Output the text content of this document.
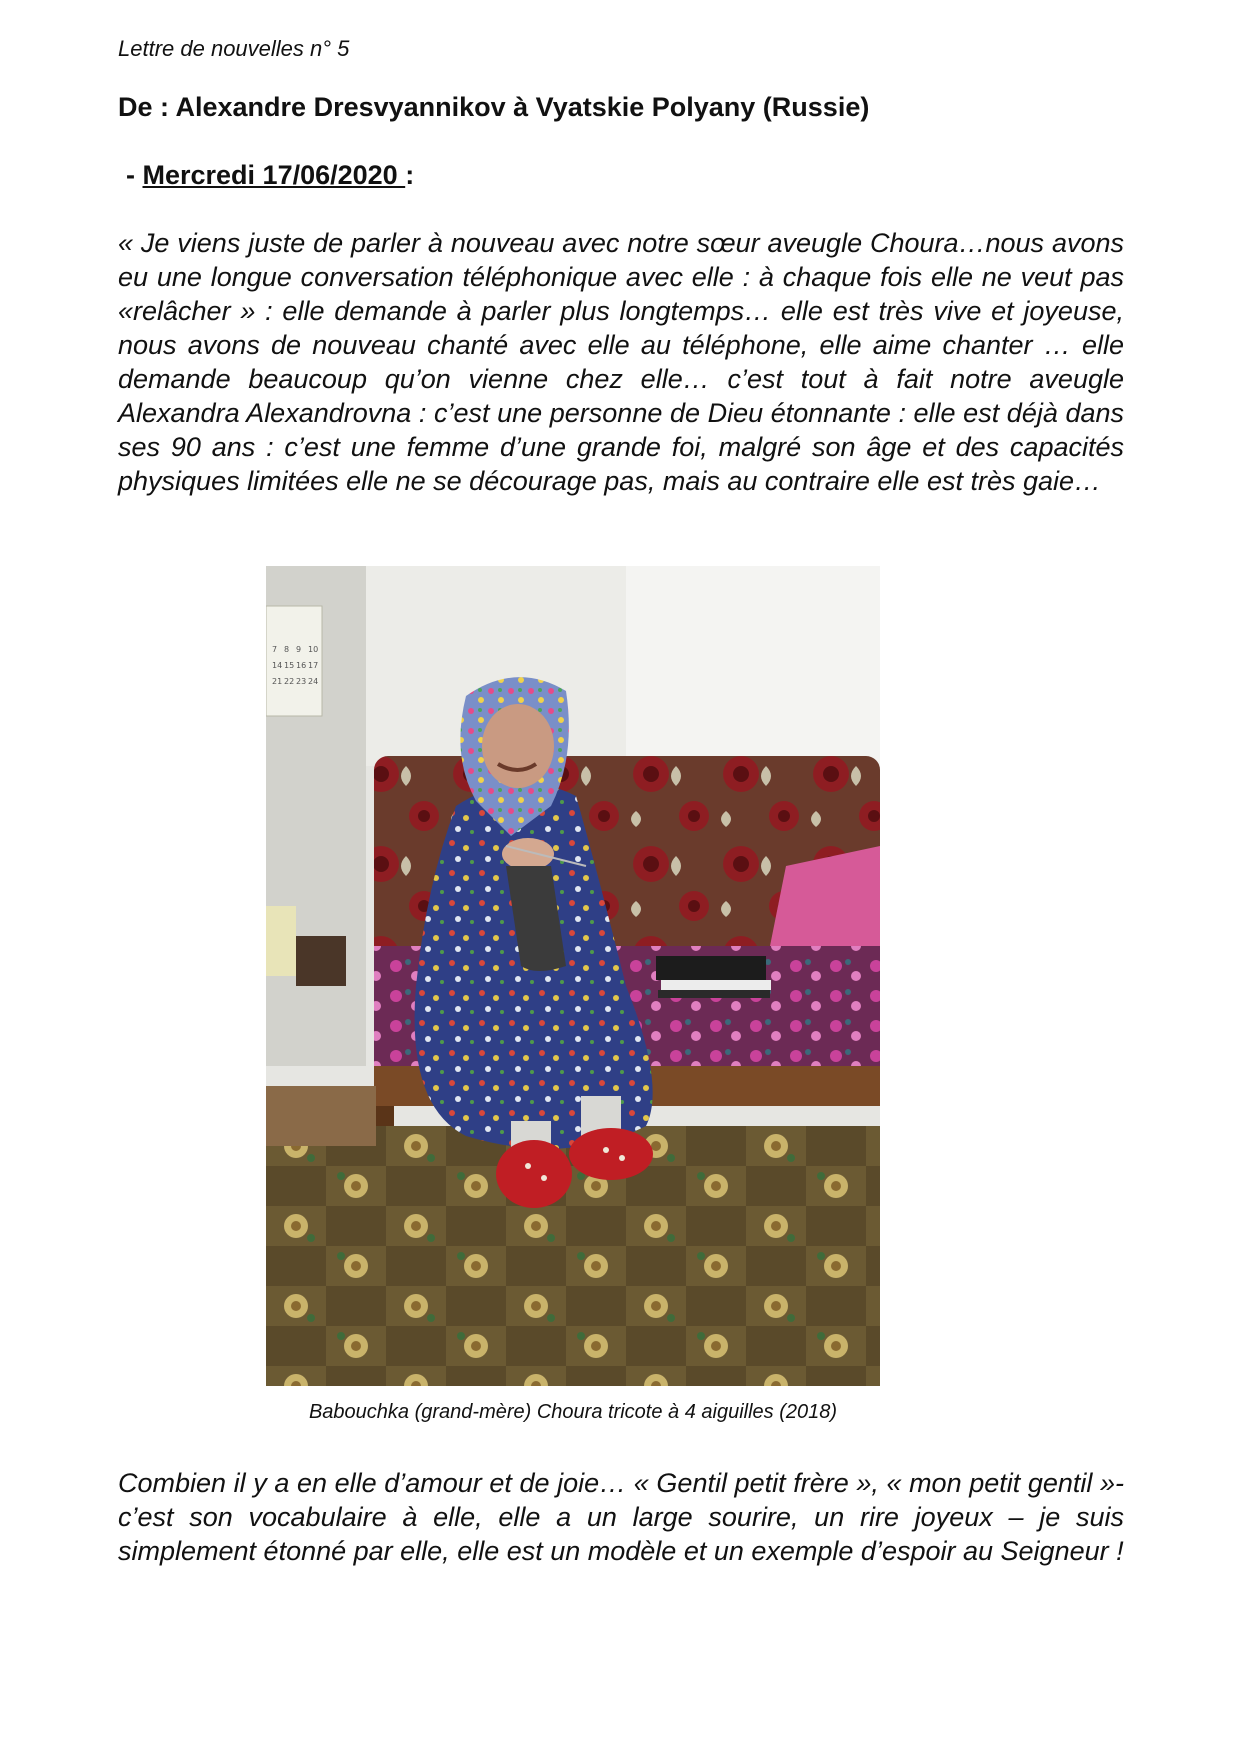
Lettre de nouvelles n° 5
De : Alexandre Dresvyannikov à Vyatskie Polyany (Russie)
- Mercredi 17/06/2020 :
« Je viens juste de parler à nouveau avec notre sœur aveugle Choura…nous avons eu une longue conversation téléphonique avec elle : à chaque fois elle ne veut pas «relâcher » : elle demande à parler plus longtemps… elle est très vive et joyeuse, nous avons de nouveau chanté avec elle au téléphone, elle aime chanter … elle demande beaucoup qu’on vienne chez elle… c’est tout à fait notre aveugle Alexandra Alexandrovna : c’est une personne de Dieu étonnante : elle est déjà dans ses 90 ans : c’est une femme d’une grande foi, malgré son âge et des capacités physiques limitées elle ne se décourage pas, mais au contraire elle est très gaie…
7 8 9 10
14 15 16 17
21 22 23 24
Babouchka (grand-mère) Choura tricote à 4 aiguilles (2018)
Combien il y a en elle d’amour et de joie… « Gentil petit frère », « mon petit gentil »- c’est son vocabulaire à elle, elle a un large sourire, un rire joyeux – je suis simplement étonné par elle, elle est un modèle et un exemple d’espoir au Seigneur !
